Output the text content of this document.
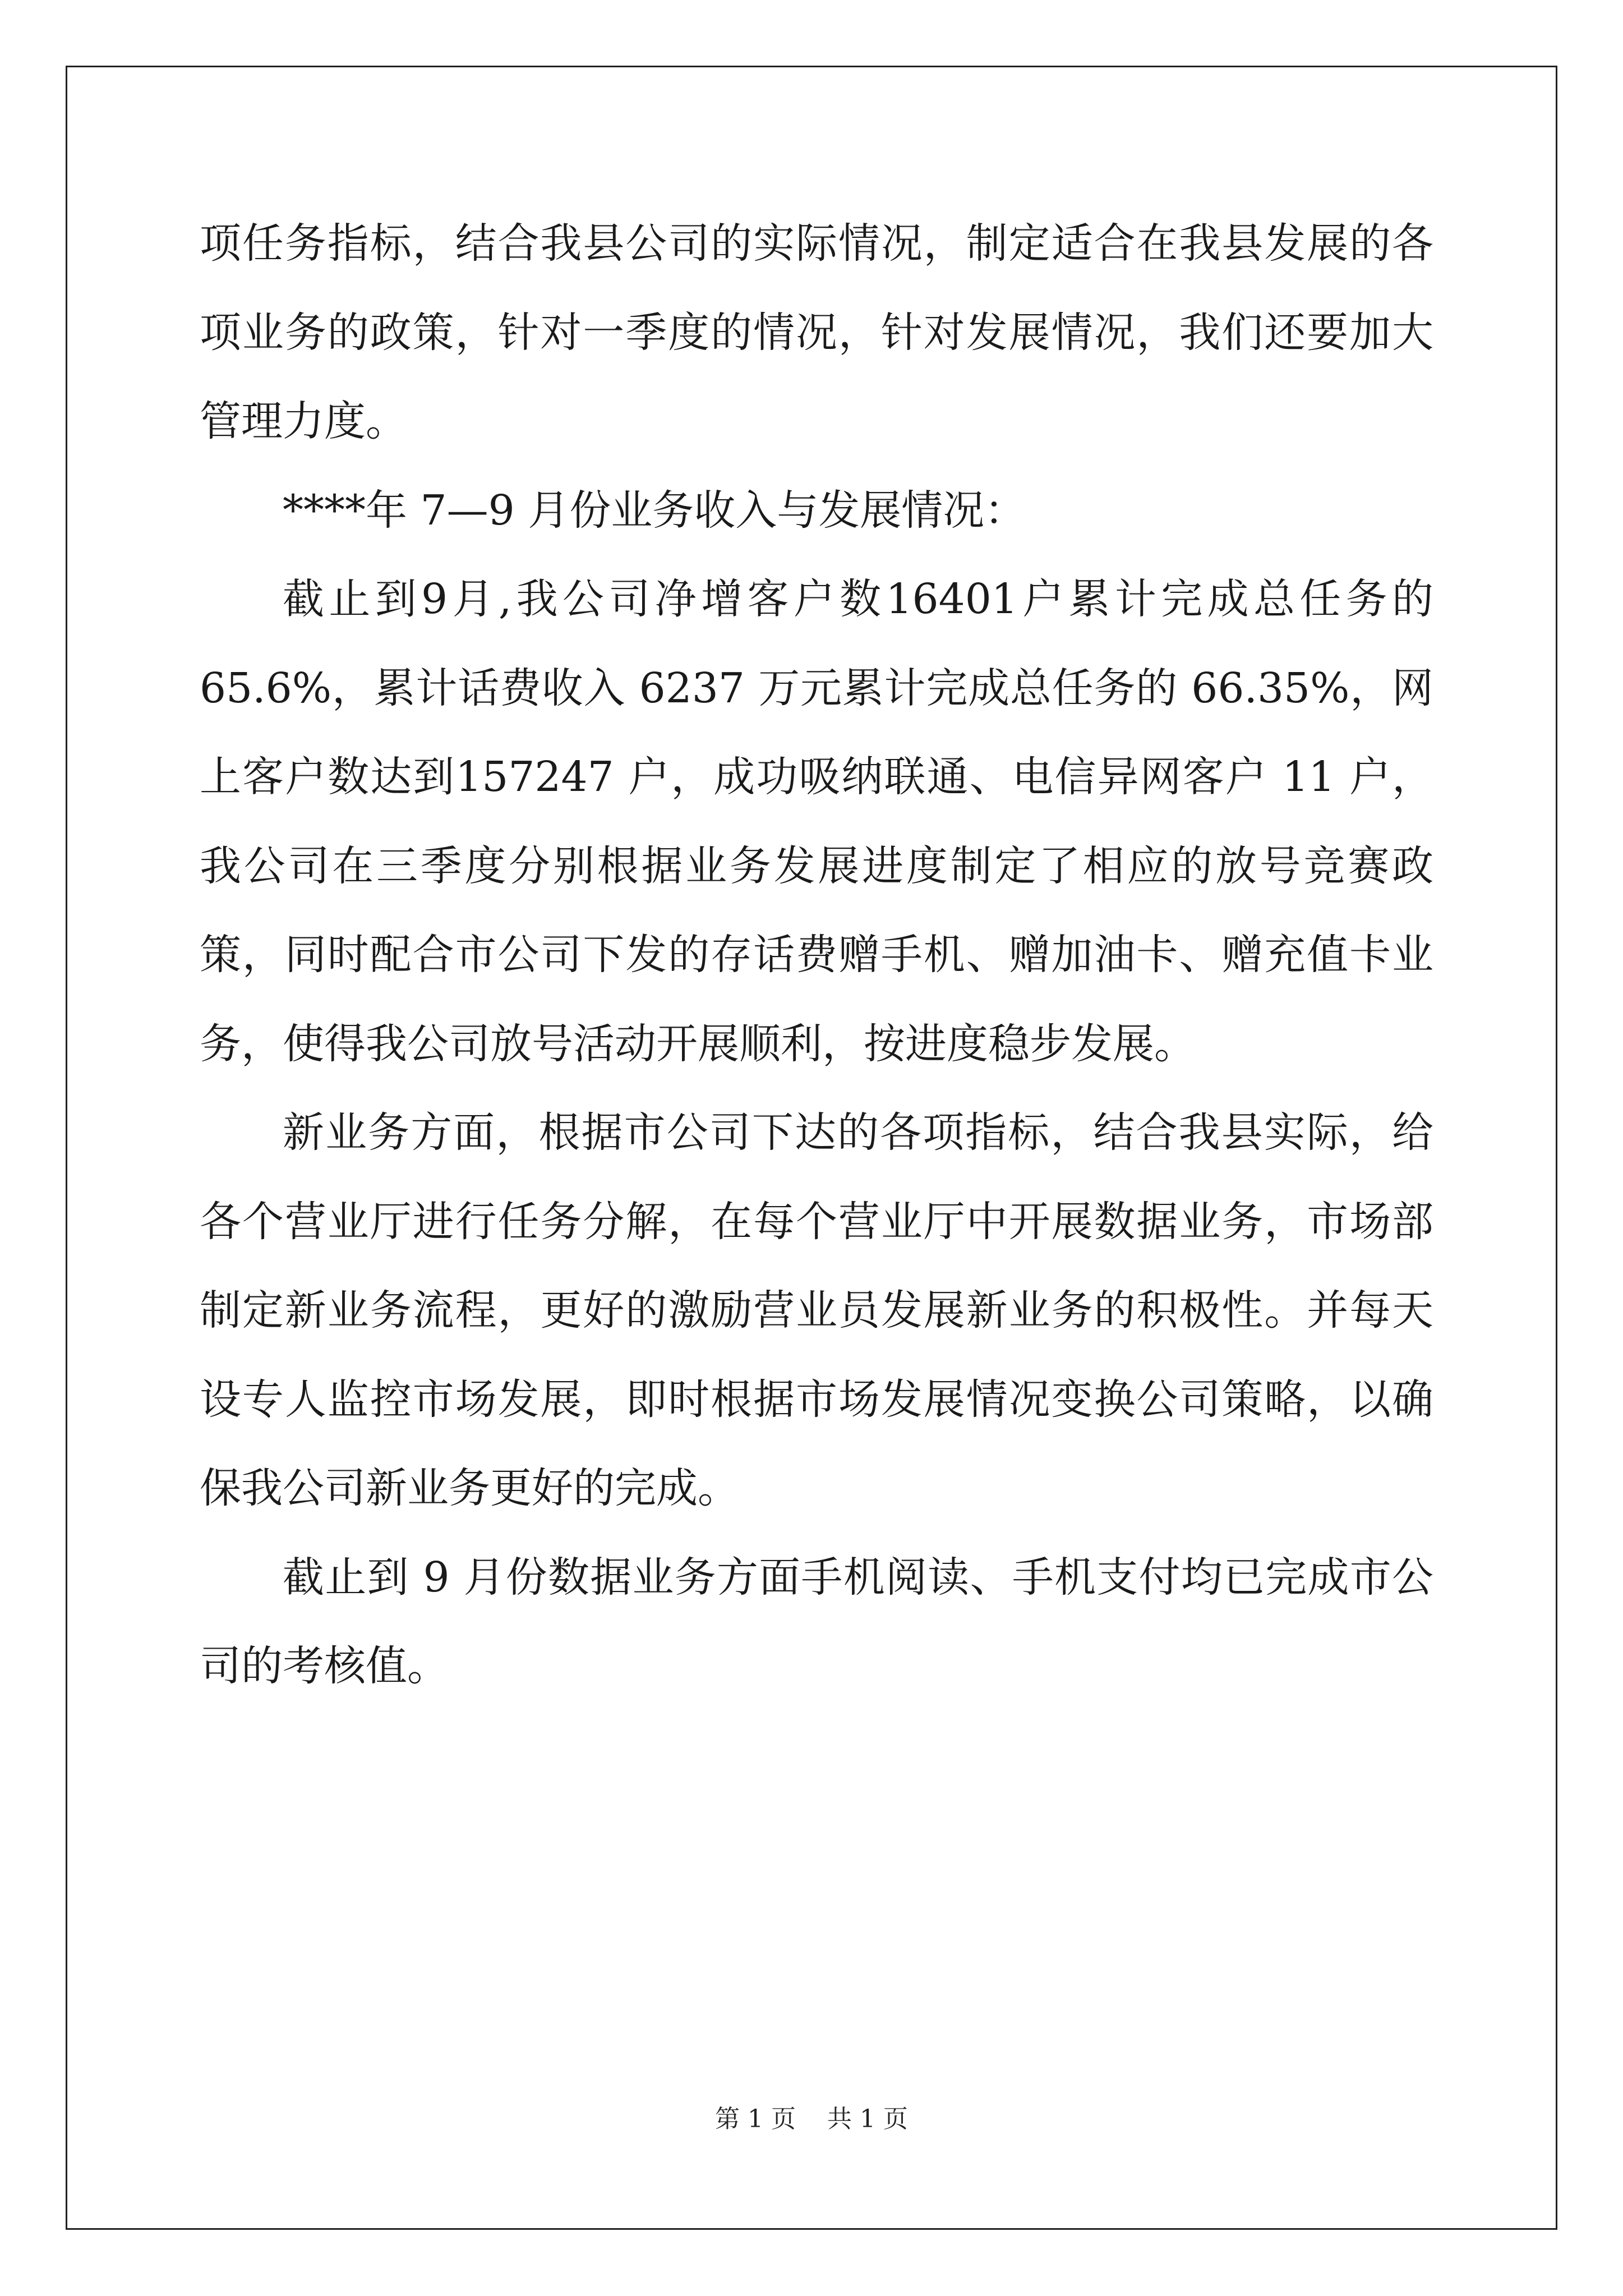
项任务指标，结合我县公司的实际情况，制定适合在我县发展的各项业务的政策，针对一季度的情况，针对发展情况，我们还要加大管理力度。

****年 7—9 月份业务收入与发展情况：

截止到9月,我公司净增客户数16401户累计完成总任务的65.6%，累计话费收入 6237 万元累计完成总任务的 66.35%，网上客户数达到157247 户，成功吸纳联通、电信异网客户 11 户，我公司在三季度分别根据业务发展进度制定了相应的放号竞赛政策，同时配合市公司下发的存话费赠手机、赠加油卡、赠充值卡业务，使得我公司放号活动开展顺利，按进度稳步发展。

新业务方面，根据市公司下达的各项指标，结合我县实际，给各个营业厅进行任务分解，在每个营业厅中开展数据业务，市场部制定新业务流程，更好的激励营业员发展新业务的积极性。并每天设专人监控市场发展，即时根据市场发展情况变换公司策略，以确保我公司新业务更好的完成。

截止到 9 月份数据业务方面手机阅读、手机支付均已完成市公司的考核值。

第 1 页 共 1 页
